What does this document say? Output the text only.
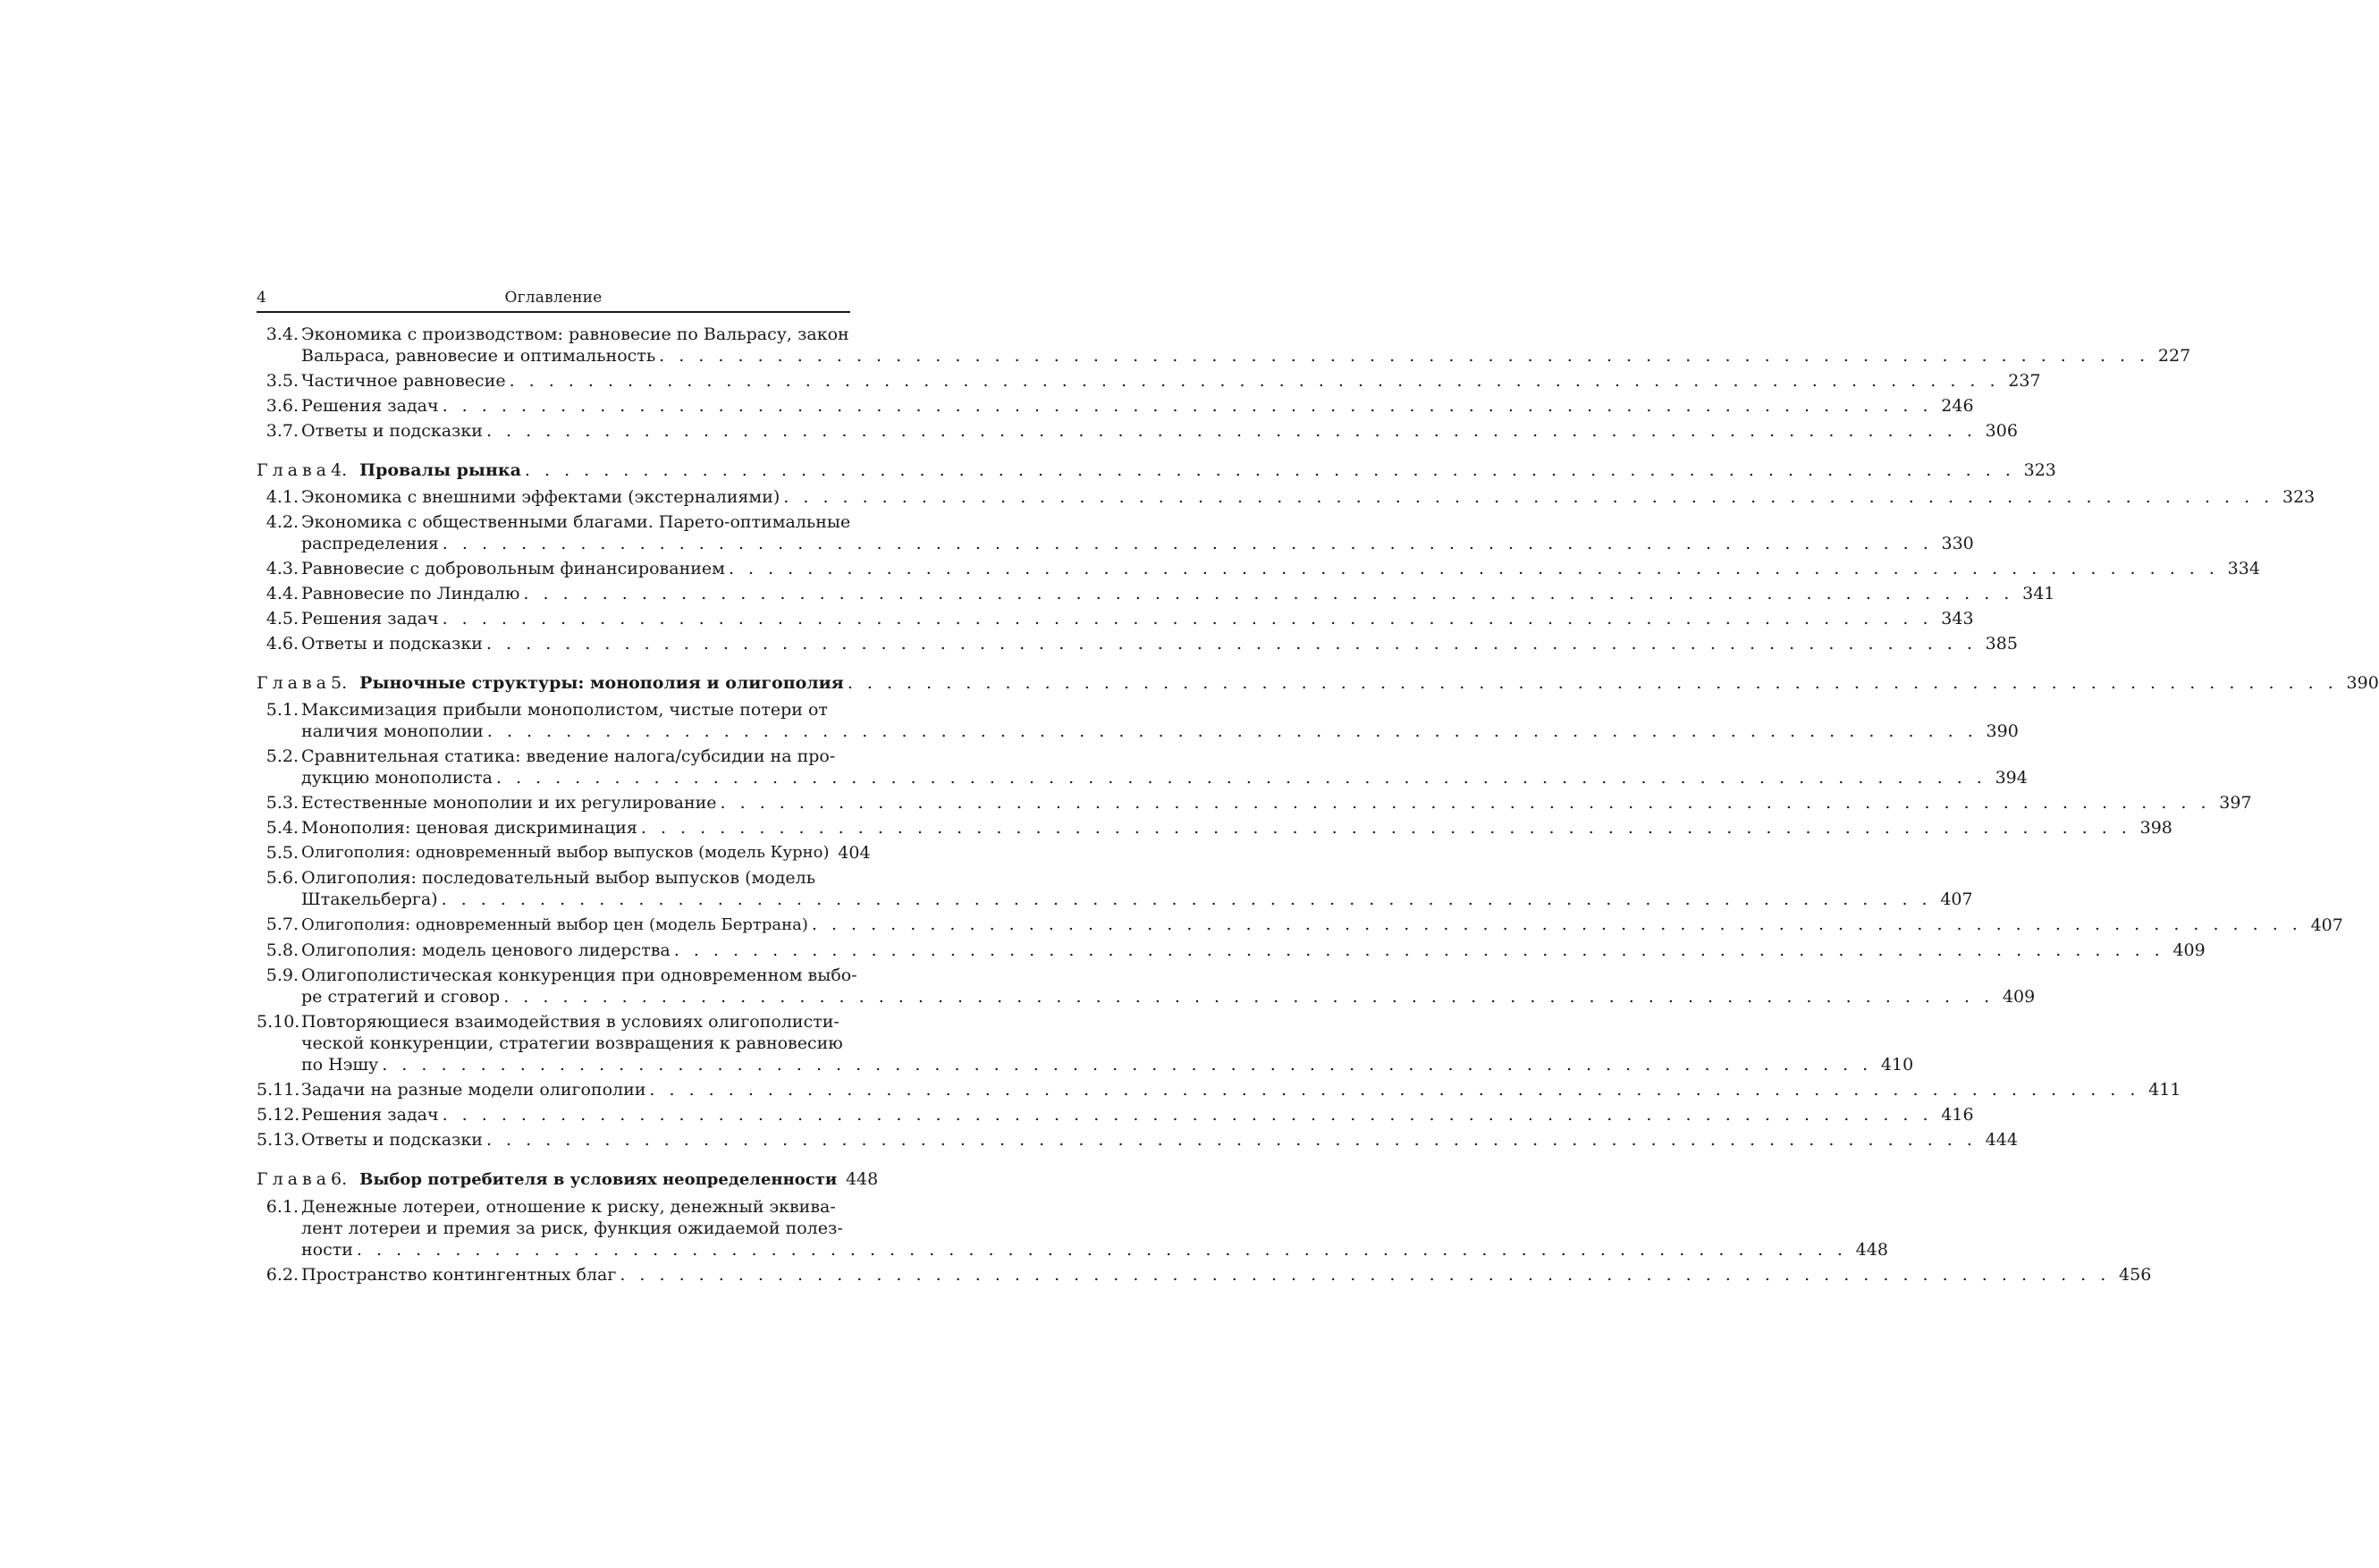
4	Оглавление
3.4. Экономика с производством: равновесие по Вальрасу, закон
Вальраса, равновесие и оптимальность . . . . . . . . . . . . . . . . . . . . . . . . . . . . . . . . . . . . . . . . . . . . . . . . . . . . . . . . . . . . . . . . . . . . . . . . . . . . 227
3.5. Частичное равновесие . . . . . . . . . . . . . . . . . . . . . . . . . . . . . . . . . . . . . . . . . . . . . . . . . . . . . . . . . . . . . . . . . . . . . . . . . . . . 237
3.6. Решения задач . . . . . . . . . . . . . . . . . . . . . . . . . . . . . . . . . . . . . . . . . . . . . . . . . . . . . . . . . . . . . . . . . . . . . . . . . . . . 246
3.7. Ответы и подсказки . . . . . . . . . . . . . . . . . . . . . . . . . . . . . . . . . . . . . . . . . . . . . . . . . . . . . . . . . . . . . . . . . . . . . . . . . . . . 306
Глава 4. Провалы рынка . . . . . . . . . . . . . . . . . . . . . . . . . . . . . . . . . . . . . . . . . . . . . . . . . . . . . . . . . . . . . . . . . . . . . . . . . . . . 323
4.1. Экономика с внешними эффектами (экстерналиями) . . . . . . . . . . . . . . . . . . . . . . . . . . . . . . . . . . . . . . . . . . . . . . . . . . . . . . . . . . . . . . . . . . . . . . . . . . . . 323
4.2. Экономика с общественными благами. Парето-оптимальные
распределения . . . . . . . . . . . . . . . . . . . . . . . . . . . . . . . . . . . . . . . . . . . . . . . . . . . . . . . . . . . . . . . . . . . . . . . . . . . . 330
4.3. Равновесие с добровольным финансированием . . . . . . . . . . . . . . . . . . . . . . . . . . . . . . . . . . . . . . . . . . . . . . . . . . . . . . . . . . . . . . . . . . . . . . . . . . . . 334
4.4. Равновесие по Линдалю . . . . . . . . . . . . . . . . . . . . . . . . . . . . . . . . . . . . . . . . . . . . . . . . . . . . . . . . . . . . . . . . . . . . . . . . . . . . 341
4.5. Решения задач . . . . . . . . . . . . . . . . . . . . . . . . . . . . . . . . . . . . . . . . . . . . . . . . . . . . . . . . . . . . . . . . . . . . . . . . . . . . 343
4.6. Ответы и подсказки . . . . . . . . . . . . . . . . . . . . . . . . . . . . . . . . . . . . . . . . . . . . . . . . . . . . . . . . . . . . . . . . . . . . . . . . . . . . 385
Глава 5. Рыночные структуры: монополия и олигополия . . . . . . . . . . . . . . . . . . . . . . . . . . . . . . . . . . . . . . . . . . . . . . . . . . . . . . . . . . . . . . . . . . . . . . . . . . . . 390
5.1. Максимизация прибыли монополистом, чистые потери от
наличия монополии . . . . . . . . . . . . . . . . . . . . . . . . . . . . . . . . . . . . . . . . . . . . . . . . . . . . . . . . . . . . . . . . . . . . . . . . . . . . 390
5.2. Сравнительная статика: введение налога/субсидии на про-
дукцию монополиста . . . . . . . . . . . . . . . . . . . . . . . . . . . . . . . . . . . . . . . . . . . . . . . . . . . . . . . . . . . . . . . . . . . . . . . . . . . . 394
5.3. Естественные монополии и их регулирование . . . . . . . . . . . . . . . . . . . . . . . . . . . . . . . . . . . . . . . . . . . . . . . . . . . . . . . . . . . . . . . . . . . . . . . . . . . . 397
5.4. Монополия: ценовая дискриминация . . . . . . . . . . . . . . . . . . . . . . . . . . . . . . . . . . . . . . . . . . . . . . . . . . . . . . . . . . . . . . . . . . . . . . . . . . . . 398
5.5. Олигополия: одновременный выбор выпусков (модель Курно) 404
5.6. Олигополия: последовательный выбор выпусков (модель
Штакельберга) . . . . . . . . . . . . . . . . . . . . . . . . . . . . . . . . . . . . . . . . . . . . . . . . . . . . . . . . . . . . . . . . . . . . . . . . . . . . 407
5.7. Олигополия: одновременный выбор цен (модель Бертрана) . . . . . . . . . . . . . . . . . . . . . . . . . . . . . . . . . . . . . . . . . . . . . . . . . . . . . . . . . . . . . . . . . . . . . . . . . . . . 407
5.8. Олигополия: модель ценового лидерства . . . . . . . . . . . . . . . . . . . . . . . . . . . . . . . . . . . . . . . . . . . . . . . . . . . . . . . . . . . . . . . . . . . . . . . . . . . . 409
5.9. Олигополистическая конкуренция при одновременном выбо-
ре стратегий и сговор . . . . . . . . . . . . . . . . . . . . . . . . . . . . . . . . . . . . . . . . . . . . . . . . . . . . . . . . . . . . . . . . . . . . . . . . . . . . 409
5.10. Повторяющиеся взаимодействия в условиях олигополисти-
ческой конкуренции, стратегии возвращения к равновесию
по Нэшу . . . . . . . . . . . . . . . . . . . . . . . . . . . . . . . . . . . . . . . . . . . . . . . . . . . . . . . . . . . . . . . . . . . . . . . . . . . . 410
5.11. Задачи на разные модели олигополии . . . . . . . . . . . . . . . . . . . . . . . . . . . . . . . . . . . . . . . . . . . . . . . . . . . . . . . . . . . . . . . . . . . . . . . . . . . . 411
5.12. Решения задач . . . . . . . . . . . . . . . . . . . . . . . . . . . . . . . . . . . . . . . . . . . . . . . . . . . . . . . . . . . . . . . . . . . . . . . . . . . . 416
5.13. Ответы и подсказки . . . . . . . . . . . . . . . . . . . . . . . . . . . . . . . . . . . . . . . . . . . . . . . . . . . . . . . . . . . . . . . . . . . . . . . . . . . . 444
Глава 6. Выбор потребителя в условиях неопределенности 448
6.1. Денежные лотереи, отношение к риску, денежный эквива-
лент лотереи и премия за риск, функция ожидаемой полез-
ности . . . . . . . . . . . . . . . . . . . . . . . . . . . . . . . . . . . . . . . . . . . . . . . . . . . . . . . . . . . . . . . . . . . . . . . . . . . . 448
6.2. Пространство контингентных благ . . . . . . . . . . . . . . . . . . . . . . . . . . . . . . . . . . . . . . . . . . . . . . . . . . . . . . . . . . . . . . . . . . . . . . . . . . . . 456
